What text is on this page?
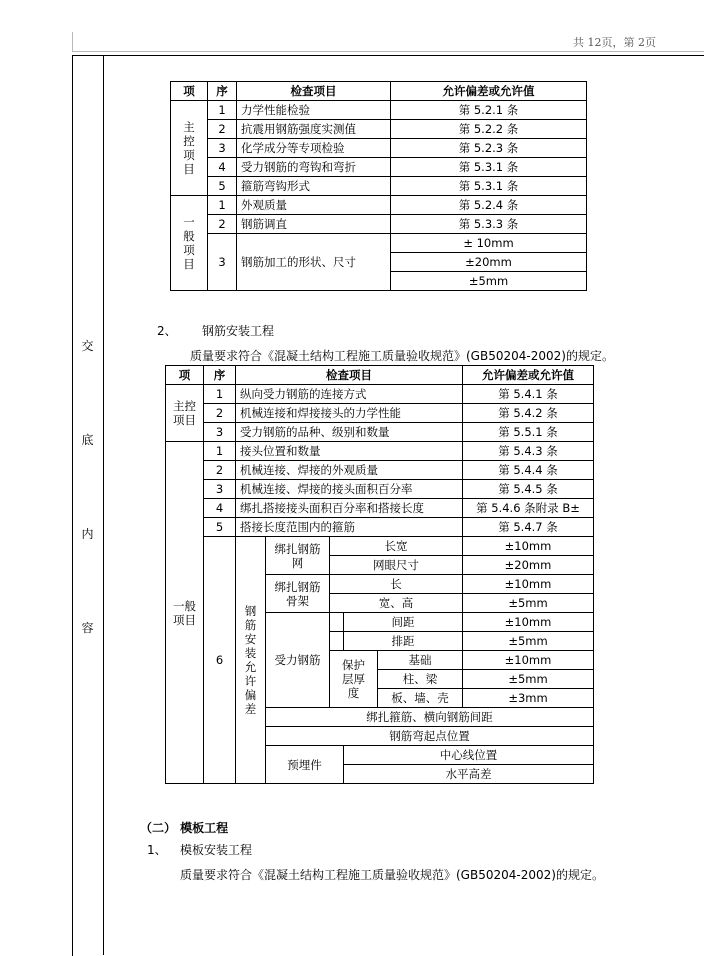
共 12页，第 2页
交
底
内
容
项	序	检查项目	允许偏差或允许值
主控项目	1	力学性能检验	第 5.2.1 条
	2	抗震用钢筋强度实测值	第 5.2.2 条
	3	化学成分等专项检验	第 5.2.3 条
	4	受力钢筋的弯钩和弯折	第 5.3.1 条
	5	箍筋弯钩形式	第 5.3.1 条
一般项目	1	外观质量	第 5.2.4 条
	2	钢筋调直	第 5.3.3 条
	3	钢筋加工的形状、尺寸	± 10mm
			±20mm
			±5mm
2、 钢筋安装工程
质量要求符合《混凝土结构工程施工质量验收规范》(GB50204-2002)的规定。
项	序	检查项目					允许偏差或允许值	
主控项目	1	纵向受力钢筋的连接方式					第 5.4.1 条	
	2	机械连接和焊接接头的力学性能					第 5.4.2 条	
	3	受力钢筋的品种、级别和数量					第 5.5.1 条	
一般项目	1	接头位置和数量					第 5.4.3 条	
	2	机械连接、焊接的外观质量					第 5.4.4 条	
	3	机械连接、焊接的接头面积百分率					第 5.4.5 条	
	4	绑扎搭接接头面积百分率和搭接长度					第 5.4.6 条附录 B±	
	5	搭接长度范围内的箍筋					第 5.4.7 条	
	6	钢筋安装允许偏差	绑扎钢筋网	长宽			±10mm	
				网眼尺寸			±20mm	
			绑扎钢筋骨架	长			±10mm	
				宽、高			±5mm	
			受力钢筋		间距		±10mm	
					排距		±5mm	
				保护层厚度		基础	±10mm	
						柱、梁	±5mm	
						板、墙、壳	±3mm	
			绑扎箍筋、横向钢筋间距	
			钢筋弯起点位置	
			预埋件		中心线位置	
					水平高差	
（二） 模板工程
1、 模板安装工程
质量要求符合《混凝土结构工程施工质量验收规范》(GB50204-2002)的规定。
